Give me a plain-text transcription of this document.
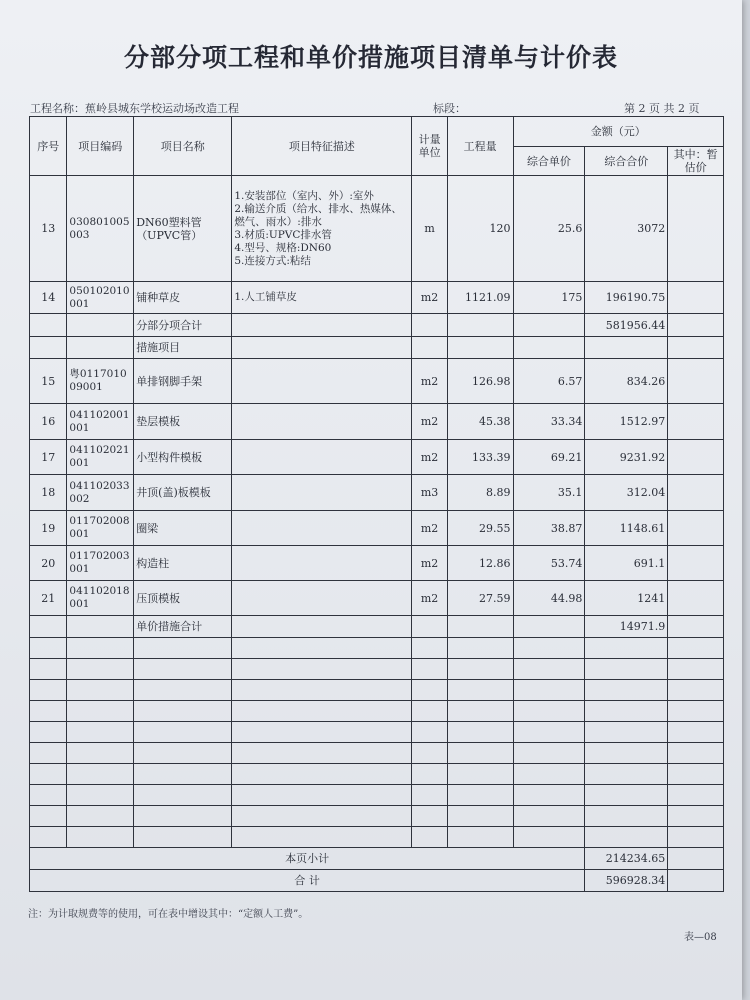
分部分项工程和单价措施项目清单与计价表
工程名称：蕉岭县城东学校运动场改造工程	标段：	第 2 页 共 2 页
序号	项目编码	项目名称	项目特征描述	计量单位	工程量	金额（元）		
						综合单价	综合合价	其中：暂估价
13	030801005003	DN60塑料管（UPVC管）	1.安装部位（室内、外）:室外
2.输送介质（给水、排水、热媒体、燃气、雨水）:排水
3.材质:UPVC排水管
4.型号、规格:DN60
5.连接方式:粘结	m	120	25.6	3072	
14	050102010001	铺种草皮	1.人工铺草皮	m2	1121.09	175	196190.75	
		分部分项合计					581956.44	
		措施项目						
15	粤011701009001	单排钢脚手架		m2	126.98	6.57	834.26	
16	041102001001	垫层模板		m2	45.38	33.34	1512.97	
17	041102021001	小型构件模板		m2	133.39	69.21	9231.92	
18	041102033002	井顶(盖)板模板		m3	8.89	35.1	312.04	
19	011702008001	圈梁		m2	29.55	38.87	1148.61	
20	011702003001	构造柱		m2	12.86	53.74	691.1	
21	041102018001	压顶模板		m2	27.59	44.98	1241	
		单价措施合计					14971.9	

本页小计							214234.65	
合 计							596928.34	
注：为计取规费等的使用，可在表中增设其中：“定额人工费”。
表—08
